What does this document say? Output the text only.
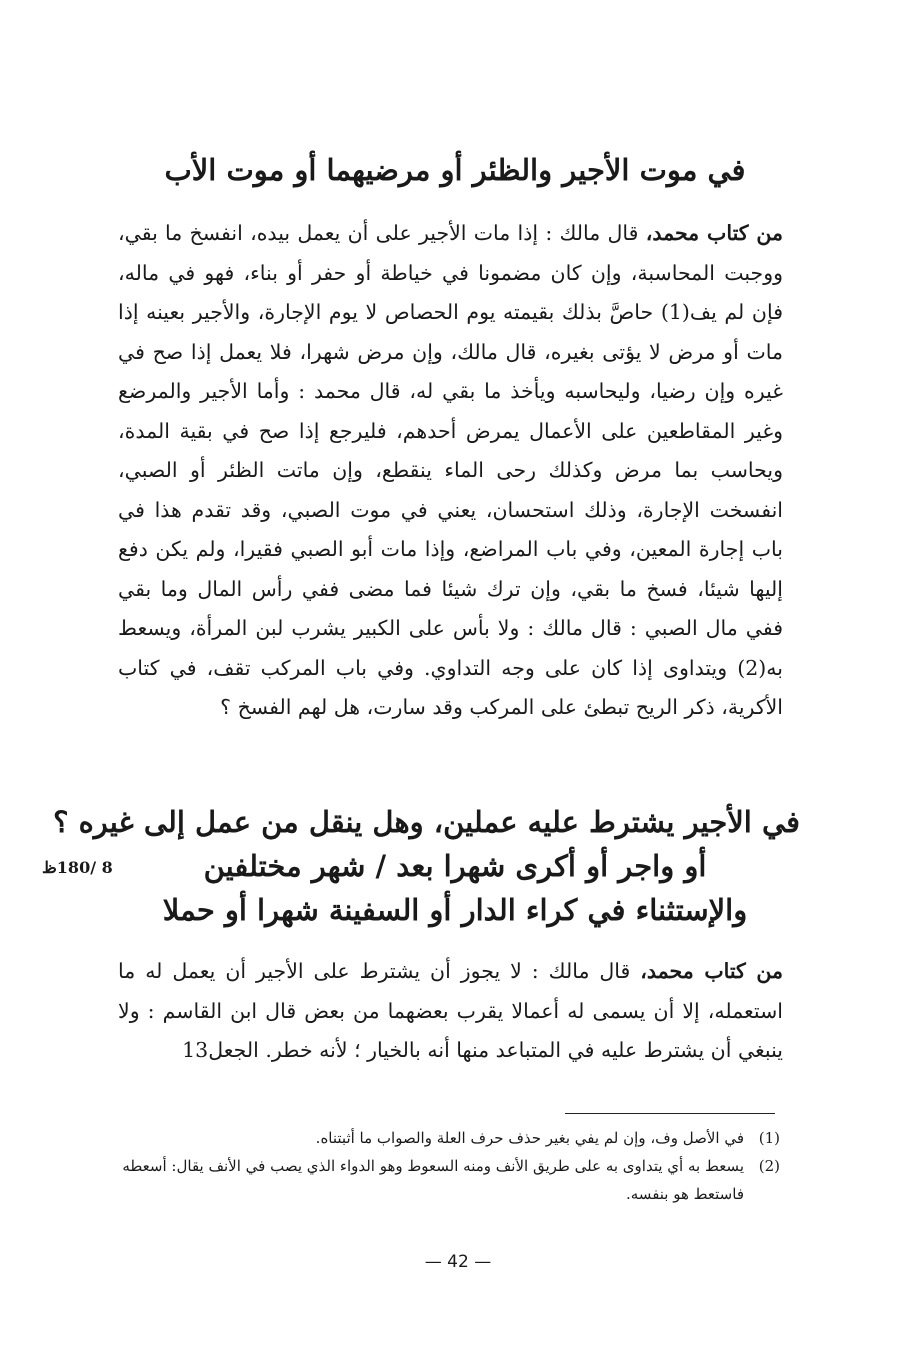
في موت الأجير والظئر أو مرضيهما أو موت الأب

من كتاب محمد، قال مالك : إذا مات الأجير على أن يعمل بيده، انفسخ ما بقي، ووجبت المحاسبة، وإن كان مضمونا في خياطة أو حفر أو بناء، فهو في ماله، فإن لم يف(1) حاصَّ بذلك بقيمته يوم الحصاص لا يوم الإجارة، والأجير بعينه إذا مات أو مرض لا يؤتى بغيره، قال مالك، وإن مرض شهرا، فلا يعمل إذا صح في غيره وإن رضيا، وليحاسبه ويأخذ ما بقي له، قال محمد : وأما الأجير والمرضع وغير المقاطعين على الأعمال يمرض أحدهم، فليرجع إذا صح في بقية المدة، ويحاسب بما مرض وكذلك رحى الماء ينقطع، وإن ماتت الظئر أو الصبي، انفسخت الإجارة، وذلك استحسان، يعني في موت الصبي، وقد تقدم هذا في باب إجارة المعين، وفي باب المراضع، وإذا مات أبو الصبي فقيرا، ولم يكن دفع إليها شيئا، فسخ ما بقي، وإن ترك شيئا فما مضى ففي رأس المال وما بقي ففي مال الصبي : قال مالك : ولا بأس على الكبير يشرب لبن المرأة، ويسعط به(2) ويتداوى إذا كان على وجه التداوي. وفي باب المركب تقف، في كتاب الأكرية، ذكر الريح تبطئ على المركب وقد سارت، هل لهم الفسخ ؟

في الأجير يشترط عليه عملين، وهل ينقل من عمل إلى غيره ؟
أو واجر أو أكرى شهرا بعد / شهر مختلفين
والإستثناء في كراء الدار أو السفينة شهرا أو حملا
8 /180ظ

من كتاب محمد، قال مالك : لا يجوز أن يشترط على الأجير أن يعمل له ما استعمله، إلا أن يسمى له أعمالا يقرب بعضهما من بعض قال ابن القاسم : ولا ينبغي أن يشترط عليه في المتباعد منها أنه بالخيار ؛ لأنه خطر. الجعل13

(1)
في الأصل وف، وإن لم يفي بغير حذف حرف العلة والصواب ما أثبتناه.
(2)
يسعط به أي يتداوى به على طريق الأنف ومنه السعوط وهو الدواء الذي يصب في الأنف يقال: أسعطه فاستعط هو بنفسه.
— 42 —
